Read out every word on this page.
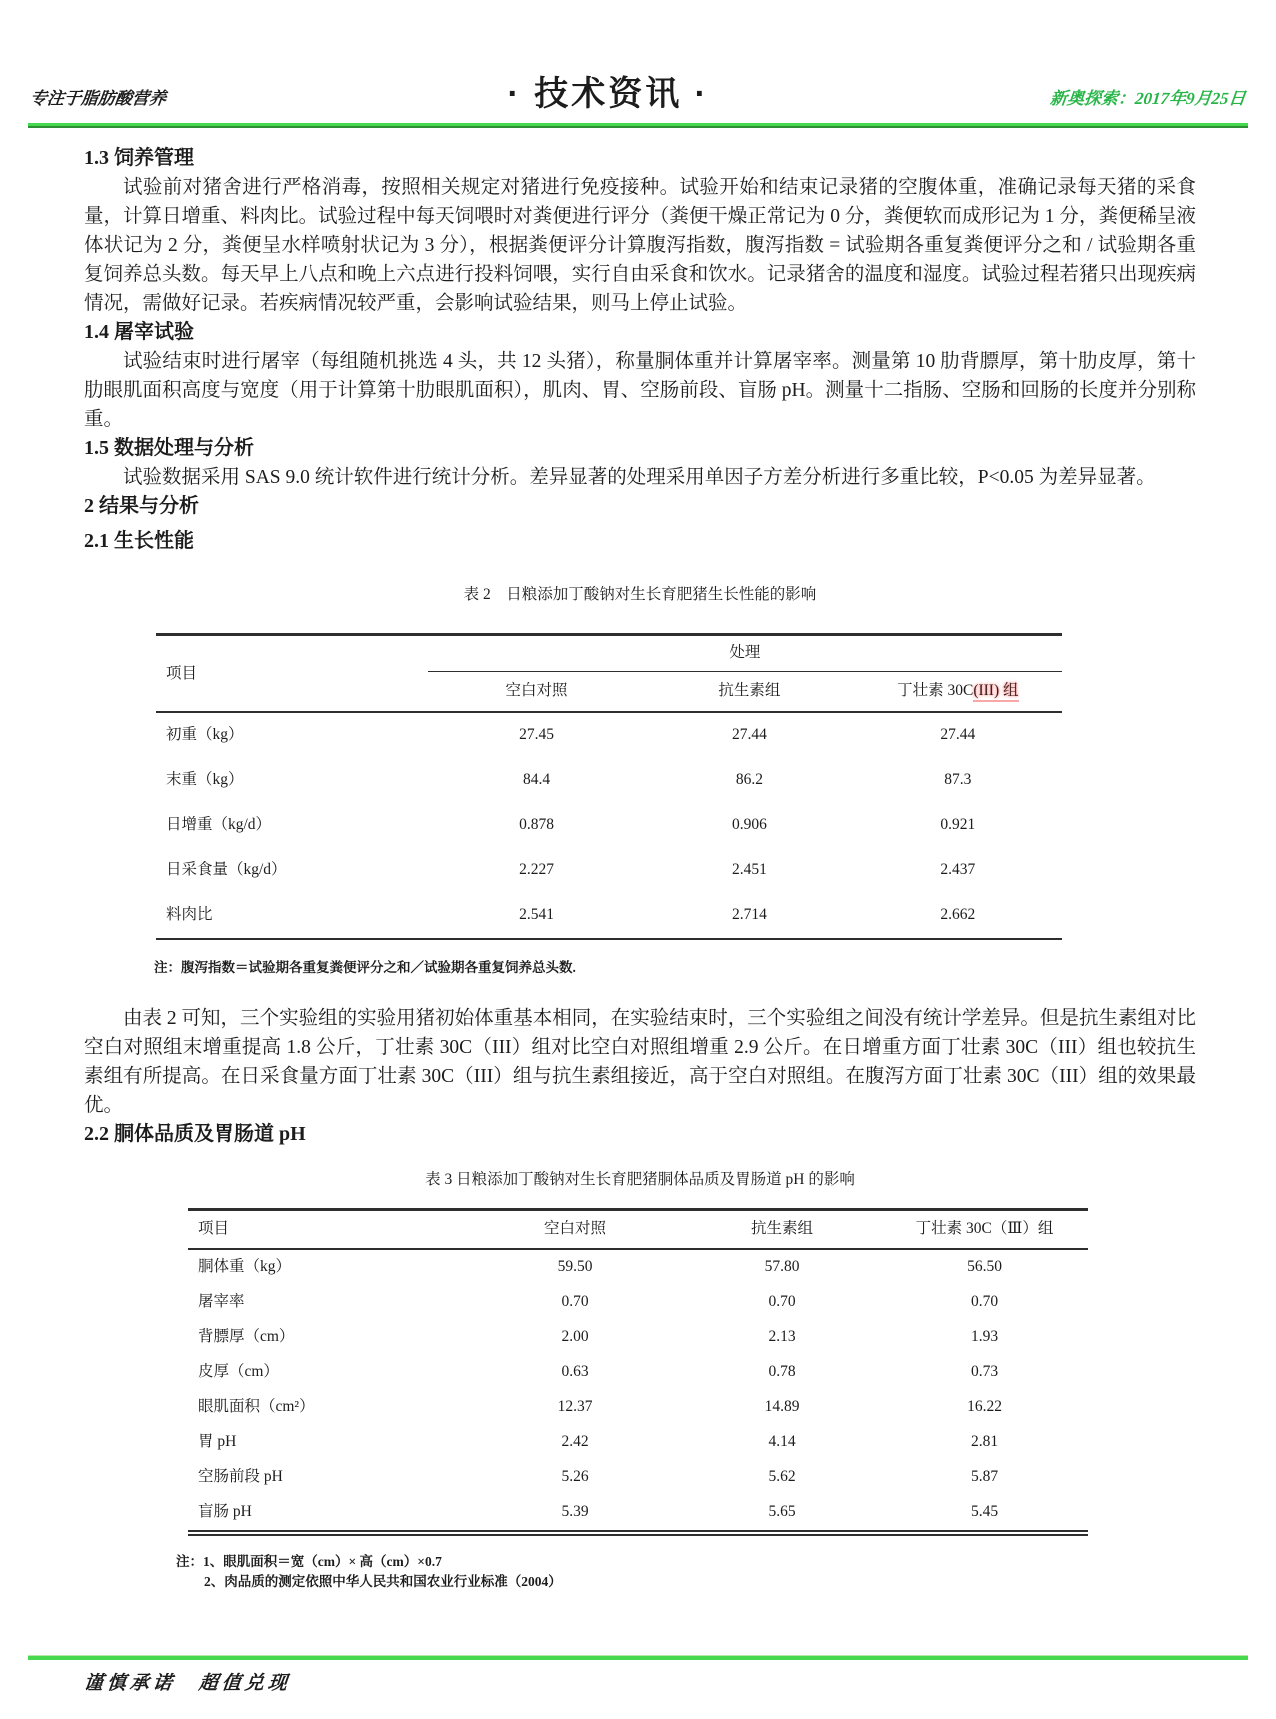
专注于脂肪酸营养	· 技术资讯 ·	新奥探索：2017年9月25日
1.3 饲养管理

试验前对猪舍进行严格消毒，按照相关规定对猪进行免疫接种。试验开始和结束记录猪的空腹体重，准确记录每天猪的采食量，计算日增重、料肉比。试验过程中每天饲喂时对粪便进行评分（粪便干燥正常记为 0 分，粪便软而成形记为 1 分，粪便稀呈液体状记为 2 分，粪便呈水样喷射状记为 3 分），根据粪便评分计算腹泻指数，腹泻指数 = 试验期各重复粪便评分之和 / 试验期各重复饲养总头数。每天早上八点和晚上六点进行投料饲喂，实行自由采食和饮水。记录猪舍的温度和湿度。试验过程若猪只出现疾病情况，需做好记录。若疾病情况较严重，会影响试验结果，则马上停止试验。

1.4 屠宰试验

试验结束时进行屠宰（每组随机挑选 4 头，共 12 头猪），称量胴体重并计算屠宰率。测量第 10 肋背膘厚，第十肋皮厚，第十肋眼肌面积高度与宽度（用于计算第十肋眼肌面积），肌肉、胃、空肠前段、盲肠 pH。测量十二指肠、空肠和回肠的长度并分别称重。

1.5 数据处理与分析

试验数据采用 SAS 9.0 统计软件进行统计分析。差异显著的处理采用单因子方差分析进行多重比较，P<0.05 为差异显著。

2 结果与分析
2.1 生长性能
表 2　日粮添加丁酸钠对生长育肥猪生长性能的影响
项目	处理		
	空白对照	抗生素组	丁壮素 30C(III) 组
初重（kg）	27.45	27.44	27.44
末重（kg）	84.4	86.2	87.3
日增重（kg/d）	0.878	0.906	0.921
日采食量（kg/d）	2.227	2.451	2.437
料肉比	2.541	2.714	2.662
注：腹泻指数＝试验期各重复粪便评分之和／试验期各重复饲养总头数.

由表 2 可知，三个实验组的实验用猪初始体重基本相同，在实验结束时，三个实验组之间没有统计学差异。但是抗生素组对比空白对照组末增重提高 1.8 公斤，丁壮素 30C（III）组对比空白对照组增重 2.9 公斤。在日增重方面丁壮素 30C（III）组也较抗生素组有所提高。在日采食量方面丁壮素 30C（III）组与抗生素组接近，高于空白对照组。在腹泻方面丁壮素 30C（III）组的效果最优。

2.2 胴体品质及胃肠道 pH
表 3 日粮添加丁酸钠对生长育肥猪胴体品质及胃肠道 pH 的影响
项目	空白对照	抗生素组	丁壮素 30C（Ⅲ）组
胴体重（kg）	59.50	57.80	56.50
屠宰率	0.70	0.70	0.70
背膘厚（cm）	2.00	2.13	1.93
皮厚（cm）	0.63	0.78	0.73
眼肌面积（cm²）	12.37	14.89	16.22
胃 pH	2.42	4.14	2.81
空肠前段 pH	5.26	5.62	5.87
盲肠 pH	5.39	5.65	5.45
注：1、眼肌面积＝宽（cm）× 高（cm）×0.7
2、肉品质的测定依照中华人民共和国农业行业标准（2004）
谨慎承诺　超值兑现
